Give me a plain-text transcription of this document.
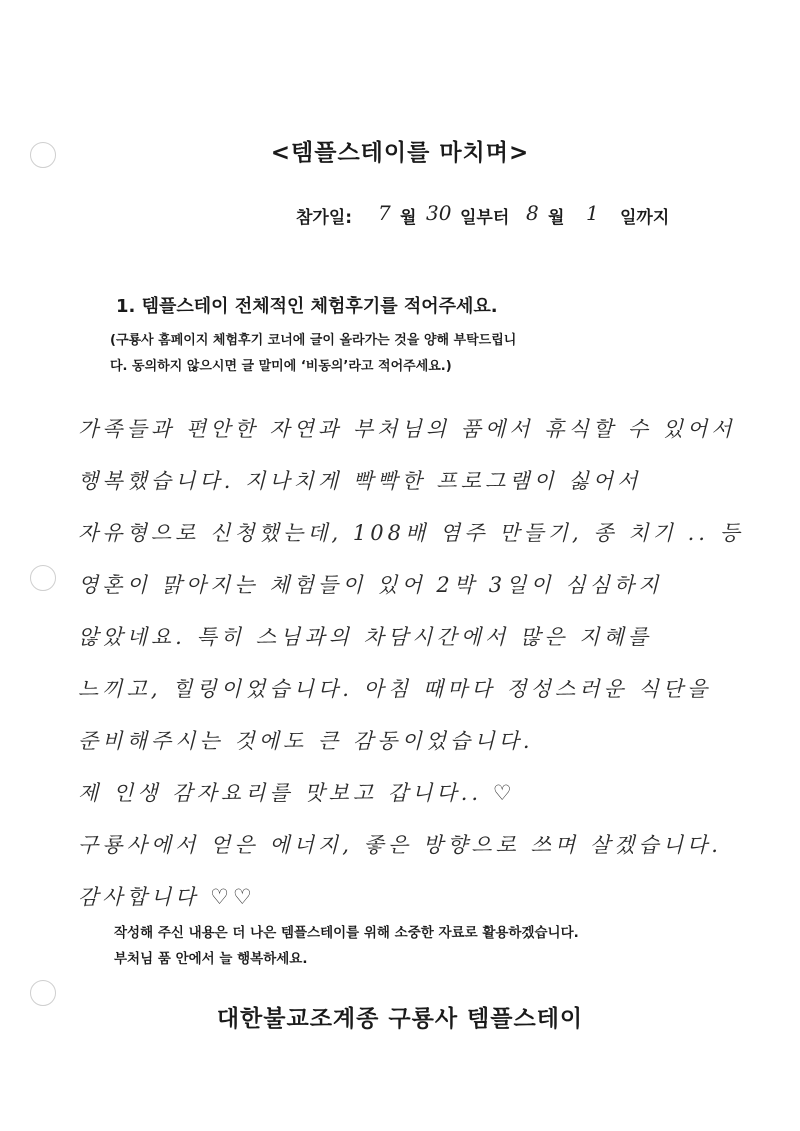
<템플스테이를 마치며>
참가일: 7 월 30 일부터 8 월 1 일까지
1. 템플스테이 전체적인 체험후기를 적어주세요.
(구룡사 홈페이지 체험후기 코너에 글이 올라가는 것을 양해 부탁드립니
다. 동의하지 않으시면 글 말미에 ‘비동의’라고 적어주세요.)
가족들과 편안한 자연과 부처님의 품에서 휴식할 수 있어서
행복했습니다. 지나치게 빡빡한 프로그램이 싫어서
자유형으로 신청했는데, 108배 염주 만들기, 종 치기 .. 등
영혼이 맑아지는 체험들이 있어 2박 3일이 심심하지
않았네요. 특히 스님과의 차담시간에서 많은 지혜를
느끼고, 힐링이었습니다. 아침 때마다 정성스러운 식단을
준비해주시는 것에도 큰 감동이었습니다.
제 인생 감자요리를 맛보고 갑니다.. ♡
구룡사에서 얻은 에너지, 좋은 방향으로 쓰며 살겠습니다.
감사합니다 ♡♡
작성해 주신 내용은 더 나은 템플스테이를 위해 소중한 자료로 활용하겠습니다.
부처님 품 안에서 늘 행복하세요.
대한불교조계종 구룡사 템플스테이
